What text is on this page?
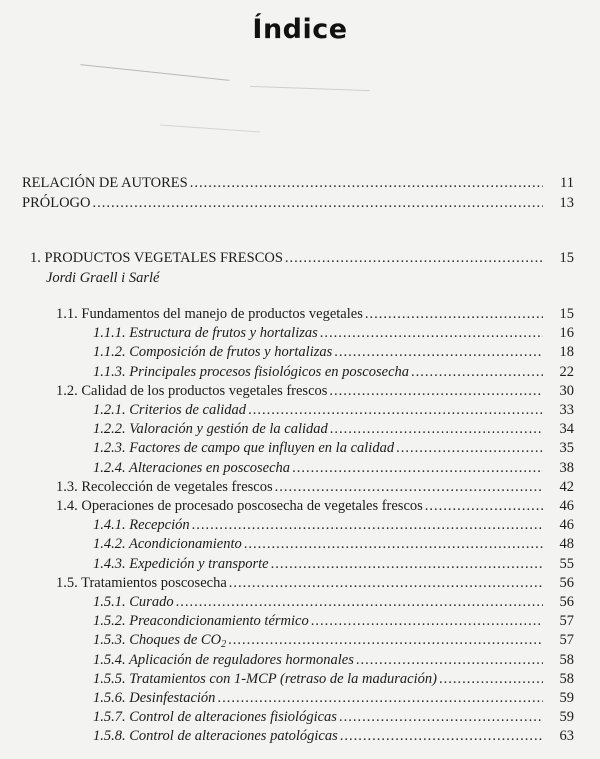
Índice
RELACIÓN DE AUTORES .....	11
PRÓLOGO .....	13
1. PRODUCTOS VEGETALES FRESCOS .....	15
Jordi Graell i Sarlé
1.1. Fundamentos del manejo de productos vegetales .....	15
1.1.1. Estructura de frutos y hortalizas .....	16
1.1.2. Composición de frutos y hortalizas .....	18
1.1.3. Principales procesos fisiológicos en poscosecha .....	22
1.2. Calidad de los productos vegetales frescos .....	30
1.2.1. Criterios de calidad .....	33
1.2.2. Valoración y gestión de la calidad .....	34
1.2.3. Factores de campo que influyen en la calidad .....	35
1.2.4. Alteraciones en poscosecha .....	38
1.3. Recolección de vegetales frescos .....	42
1.4. Operaciones de procesado poscosecha de vegetales frescos .....	46
1.4.1. Recepción .....	46
1.4.2. Acondicionamiento .....	48
1.4.3. Expedición y transporte .....	55
1.5. Tratamientos poscosecha .....	56
1.5.1. Curado .....	56
1.5.2. Preacondicionamiento térmico .....	57
1.5.3. Choques de $CO_2$ .....	57
1.5.4. Aplicación de reguladores hormonales .....	58
1.5.5. Tratamientos con 1-MCP (retraso de la maduración) .....	58
1.5.6. Desinfestación .....	59
1.5.7. Control de alteraciones fisiológicas .....	59
1.5.8. Control de alteraciones patológicas .....	63
